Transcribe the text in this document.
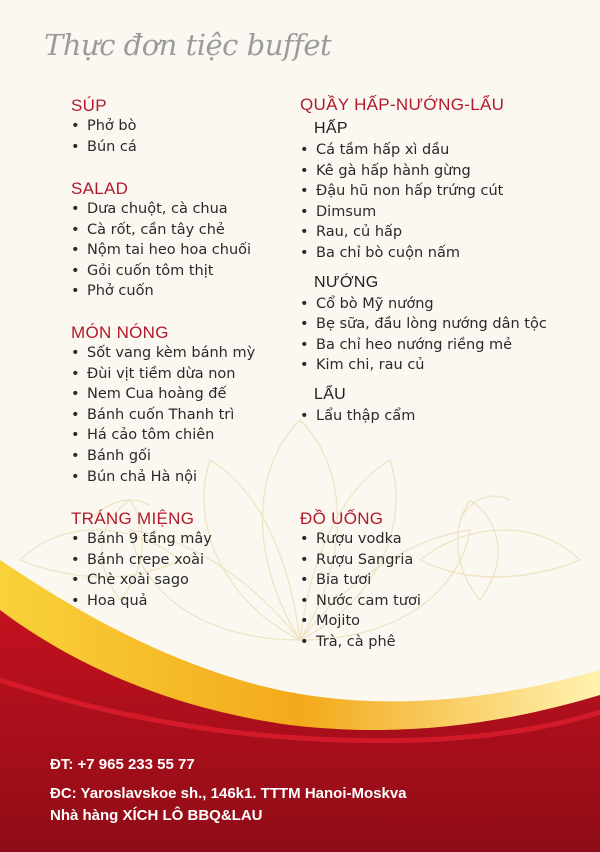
Thực đơn tiệc buffet
SÚP
• Phở bò
• Bún cá
SALAD
• Dưa chuột, cà chua
• Cà rốt, cần tây chẻ
• Nộm tai heo hoa chuối
• Gỏi cuốn tôm thịt
• Phở cuốn
MÓN NÓNG
• Sốt vang kèm bánh mỳ
• Đùi vịt tiềm dừa non
• Nem Cua hoàng đế
• Bánh cuốn Thanh trì
• Há cảo tôm chiên
• Bánh gối
• Bún chả Hà nội
TRÁNG MIỆNG
• Bánh 9 tầng mây
• Bánh crepe xoài
• Chè xoài sago
• Hoa quả
QUẦY HẤP-NƯỚNG-LẨU
HẤP
• Cá tầm hấp xì dầu
• Kê gà hấp hành gừng
• Đậu hũ non hấp trứng cút
• Dimsum
• Rau, củ hấp
• Ba chỉ bò cuộn nấm
NƯỚNG
• Cổ bò Mỹ nướng
• Bẹ sữa, đầu lòng nướng dân tộc
• Ba chỉ heo nướng riềng mẻ
• Kim chi, rau củ
LẨU
• Lẩu thập cẩm
ĐỒ UỐNG
• Rượu vodka
• Rượu Sangria
• Bia tươi
• Nước cam tươi
• Mojito
• Trà, cà phê

ĐT: +7 965 233 55 77

ĐC: Yaroslavskoe sh., 146k1. TTTM Hanoi-Moskva

Nhà hàng XÍCH LÔ BBQ&LAU
